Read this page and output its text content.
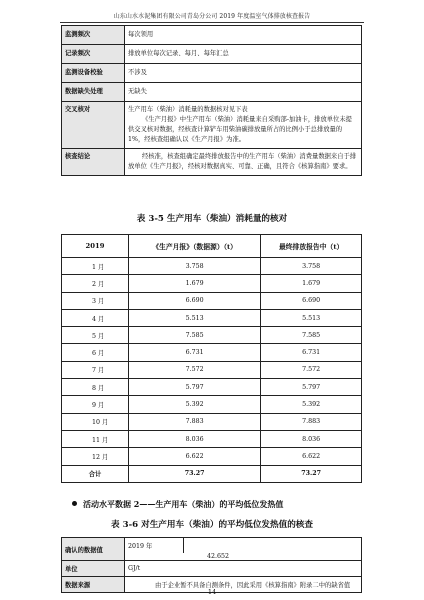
山东山水水泥集团有限公司青岛分公司 2019 年度温室气体排放核查报告
监测频次	每次领用
记录频次	排放单位每次记录、每月、每年汇总
监测设备校验	不涉及
数据缺失处理	无缺失
交叉核对	生产用车（柴油）消耗量的数据核对见下表

《生产月报》中生产用车（柴油）消耗量来自采购部-加油卡，排放单位未提供交叉核对数据，经核查计算铲车用柴油碳排放量所占的比例小于总排放量的 1%，经核查组确认以《生产月报》为准。

核查结论	经核准，核查组确定最终排放报告中的生产用车（柴油）消费量数据来自于排放单位《生产月报》，经核对数据真实、可靠、正确，且符合《核算指南》要求。

表 3-5 生产用车（柴油）消耗量的核对
2019	《生产月报》（数据源）（t）	最终排放报告中（t）
1 月	3.758	3.758
2 月	1.679	1.679
3 月	6.690	6.690
4 月	5.513	5.513
5 月	7.585	7.585
6 月	6.731	6.731
7 月	7.572	7.572
8 月	5.797	5.797
9 月	5.392	5.392
10 月	7.883	7.883
11 月	8.036	8.036
12 月	6.622	6.622
合计	73.27	73.27
活动水平数据 2——生产用车（柴油）的平均低位发热值
表 3-6 对生产用车（柴油）的平均低位发热值的核查
确认的数据值	2019 年42.652
单位	GJ/t
数据来源	由于企业暂不具备自测条件，因此采用《核算指南》附录二中的缺省值
14
